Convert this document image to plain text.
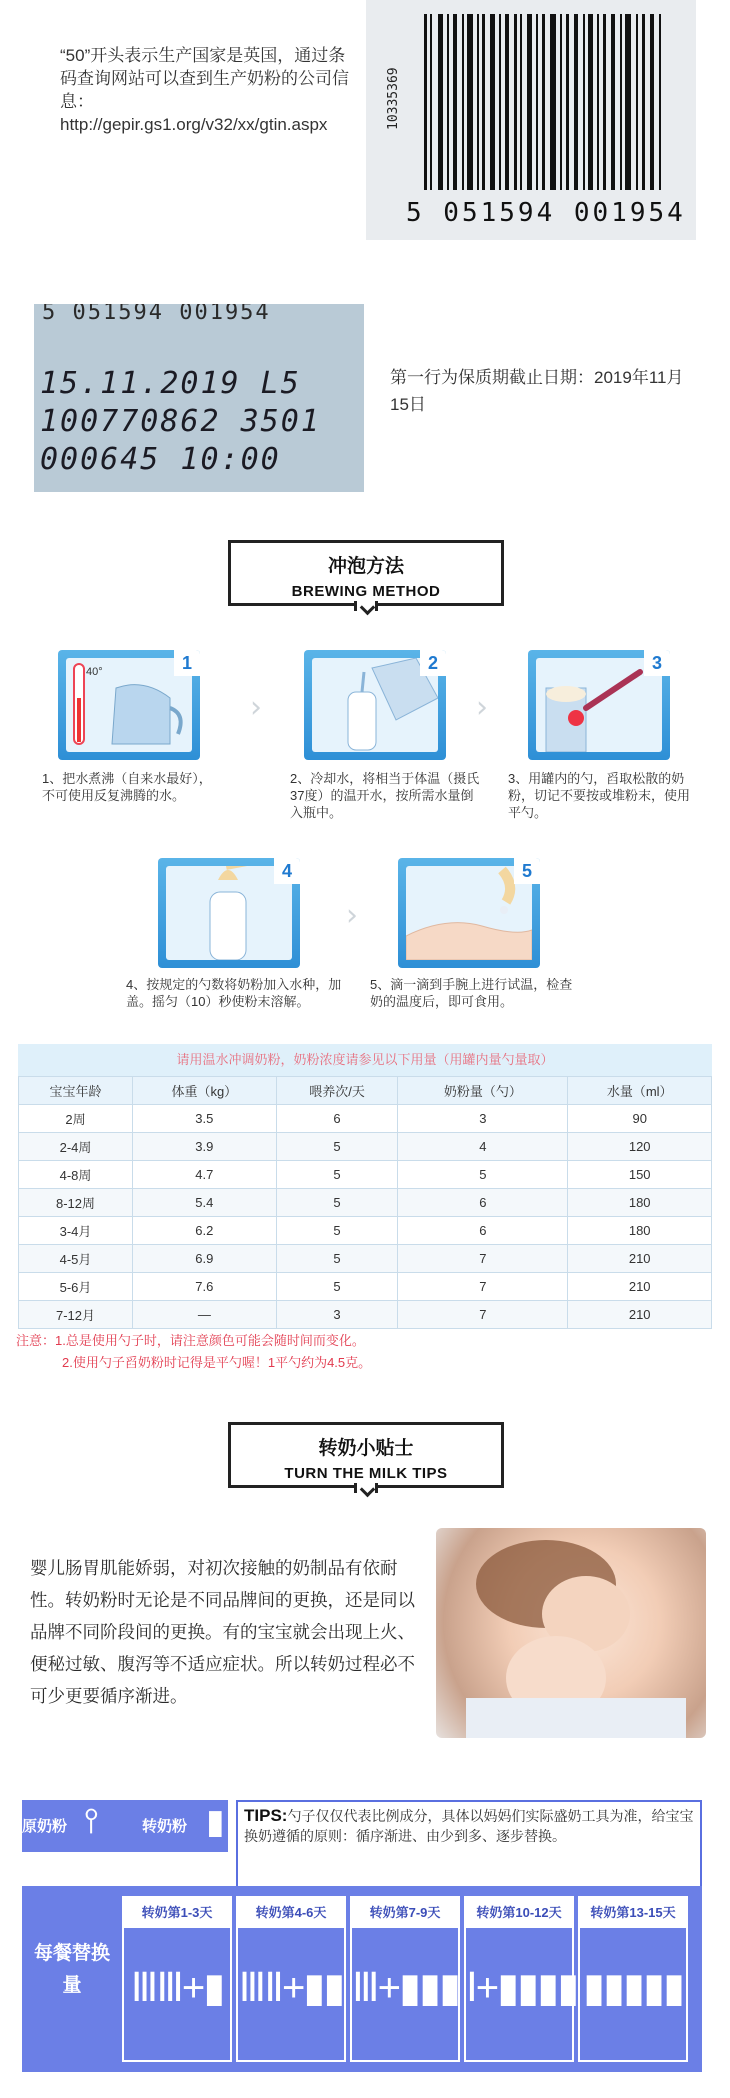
“50”开头表示生产国家是英国，通过条码查询网站可以查到生产奶粉的公司信息：http://gepir.gs1.org/v32/xx/gtin.aspx	10335369
5 051594 001954
5 051594 001954
15.11.2019 L5
100770862 3501
000645 10:00
第一行为保质期截止日期：2019年11月15日
冲泡方法
BREWING METHOD
40°	1
›
2
›
3
1、把水煮沸（自来水最好），不可使用反复沸腾的水。
2、冷却水，将相当于体温（摄氏37度）的温开水，按所需水量倒入瓶中。
3、用罐内的勺，舀取松散的奶粉，切记不要按或堆粉末，使用平勺。
4
›
5
4、按规定的勺数将奶粉加入水种，加盖。摇匀（10）秒使粉末溶解。
5、滴一滴到手腕上进行试温，检查奶的温度后，即可食用。
请用温水冲调奶粉，奶粉浓度请参见以下用量（用罐内量勺量取）
宝宝年龄	体重（kg）	喂养次/天	奶粉量（勺）	水量（ml）
2周	3.5	6	3	90
2-4周	3.9	5	4	120
4-8周	4.7	5	5	150
8-12周	5.4	5	6	180
3-4月	6.2	5	6	180
4-5月	6.9	5	7	210
5-6月	7.6	5	7	210
7-12月	—	3	7	210
注意：1.总是使用勺子时，请注意颜色可能会随时间而变化。
2.使用勺子舀奶粉时记得是平勺喔！1平勺约为4.5克。
转奶小贴士
TURN THE MILK TIPS
婴儿肠胃肌能娇弱，对初次接触的奶制品有依耐性。转奶粉时无论是不同品牌间的更换，还是同以品牌不同阶段间的更换。有的宝宝就会出现上火、便秘过敏、腹泻等不适应症状。所以转奶过程必不可少更要循序渐进。
原奶粉 ⫯	转奶粉 ▮	TIPS:勺子仅仅代表比例成分，具体以妈妈们实际盛奶工具为准，给宝宝换奶遵循的原则：循序渐进、由少到多、逐步替换。
每餐替换量
转奶第1-3天
ⅢⅢ+▮
转奶第4-6天
ⅢⅡ+▮▮
转奶第7-9天
Ⅲ+▮▮▮
转奶第10-12天
Ⅰ+▮▮▮▮
转奶第13-15天
▮▮▮▮▮
